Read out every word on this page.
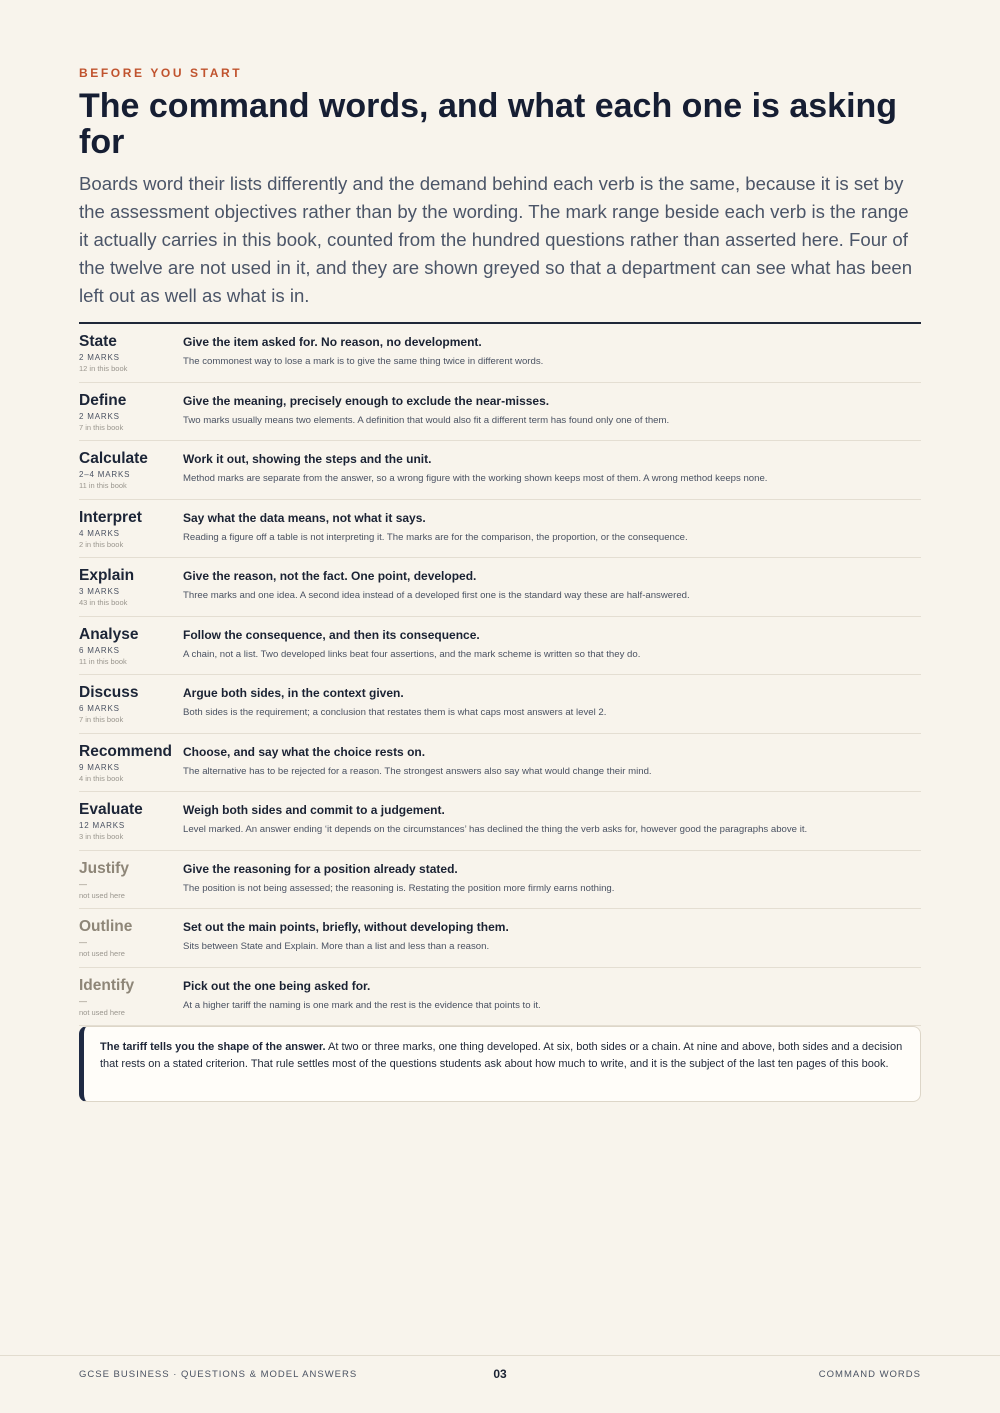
BEFORE YOU START
The command words, and what each one is asking for

Boards word their lists differently and the demand behind each verb is the same, because it is set by the assessment objectives rather than by the wording. The mark range beside each verb is the range it actually carries in this book, counted from the hundred questions rather than asserted here. Four of the twelve are not used in it, and they are shown greyed so that a department can see what has been left out as well as what is in.

State
2 MARKS
12 in this book
Give the item asked for. No reason, no development.
The commonest way to lose a mark is to give the same thing twice in different words.
Define
2 MARKS
7 in this book
Give the meaning, precisely enough to exclude the near-misses.
Two marks usually means two elements. A definition that would also fit a different term has found only one of them.
Calculate
2–4 MARKS
11 in this book
Work it out, showing the steps and the unit.
Method marks are separate from the answer, so a wrong figure with the working shown keeps most of them. A wrong method keeps none.
Interpret
4 MARKS
2 in this book
Say what the data means, not what it says.
Reading a figure off a table is not interpreting it. The marks are for the comparison, the proportion, or the consequence.
Explain
3 MARKS
43 in this book
Give the reason, not the fact. One point, developed.
Three marks and one idea. A second idea instead of a developed first one is the standard way these are half-answered.
Analyse
6 MARKS
11 in this book
Follow the consequence, and then its consequence.
A chain, not a list. Two developed links beat four assertions, and the mark scheme is written so that they do.
Discuss
6 MARKS
7 in this book
Argue both sides, in the context given.
Both sides is the requirement; a conclusion that restates them is what caps most answers at level 2.
Recommend
9 MARKS
4 in this book
Choose, and say what the choice rests on.
The alternative has to be rejected for a reason. The strongest answers also say what would change their mind.
Evaluate
12 MARKS
3 in this book
Weigh both sides and commit to a judgement.
Level marked. An answer ending ‘it depends on the circumstances’ has declined the thing the verb asks for, however good the paragraphs above it.
Justify
—
not used here
Give the reasoning for a position already stated.
The position is not being assessed; the reasoning is. Restating the position more firmly earns nothing.
Outline
—
not used here
Set out the main points, briefly, without developing them.
Sits between State and Explain. More than a list and less than a reason.
Identify
—
not used here
Pick out the one being asked for.
At a higher tariff the naming is one mark and the rest is the evidence that points to it.
The tariff tells you the shape of the answer. At two or three marks, one thing developed. At six, both sides or a chain. At nine and above, both sides and a decision that rests on a stated criterion. That rule settles most of the questions students ask about how much to write, and it is the subject of the last ten pages of this book.
GCSE BUSINESS · QUESTIONS & MODEL ANSWERS	03	COMMAND WORDS
